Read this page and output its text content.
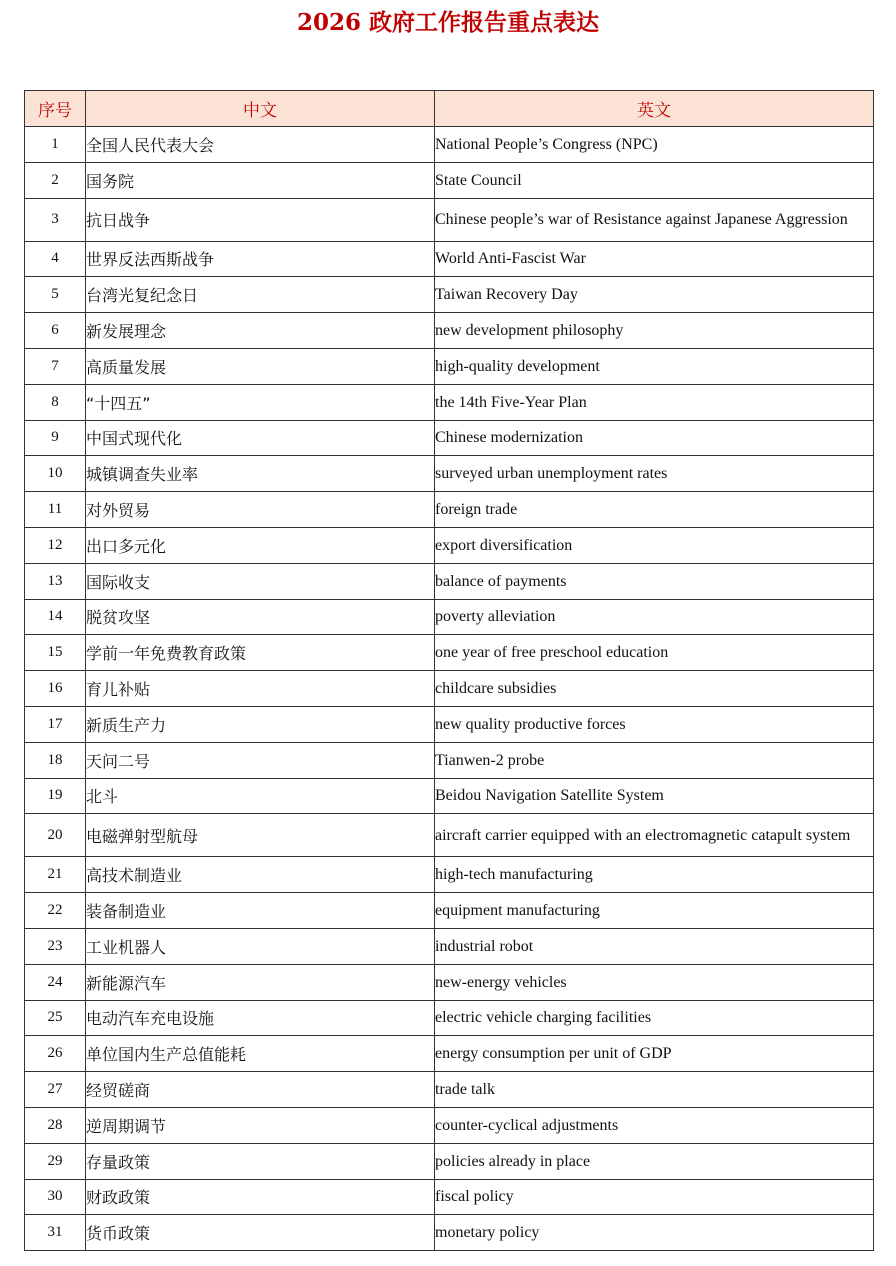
2026 政府工作报告重点表达
序号	中文	英文
1	全国人民代表大会	National People’s Congress (NPC)
2	国务院	State Council
3	抗日战争	Chinese people’s war of Resistance against Japanese Aggression
4	世界反法西斯战争	World Anti-Fascist War
5	台湾光复纪念日	Taiwan Recovery Day
6	新发展理念	new development philosophy
7	高质量发展	high-quality development
8	“十四五”	the 14th Five-Year Plan
9	中国式现代化	Chinese modernization
10	城镇调查失业率	surveyed urban unemployment rates
11	对外贸易	foreign trade
12	出口多元化	export diversification
13	国际收支	balance of payments
14	脱贫攻坚	poverty alleviation
15	学前一年免费教育政策	one year of free preschool education
16	育儿补贴	childcare subsidies
17	新质生产力	new quality productive forces
18	天问二号	Tianwen-2 probe
19	北斗	Beidou Navigation Satellite System
20	电磁弹射型航母	aircraft carrier equipped with an electromagnetic catapult system
21	高技术制造业	high-tech manufacturing
22	装备制造业	equipment manufacturing
23	工业机器人	industrial robot
24	新能源汽车	new-energy vehicles
25	电动汽车充电设施	electric vehicle charging facilities
26	单位国内生产总值能耗	energy consumption per unit of GDP
27	经贸磋商	trade talk
28	逆周期调节	counter-cyclical adjustments
29	存量政策	policies already in place
30	财政政策	fiscal policy
31	货币政策	monetary policy
